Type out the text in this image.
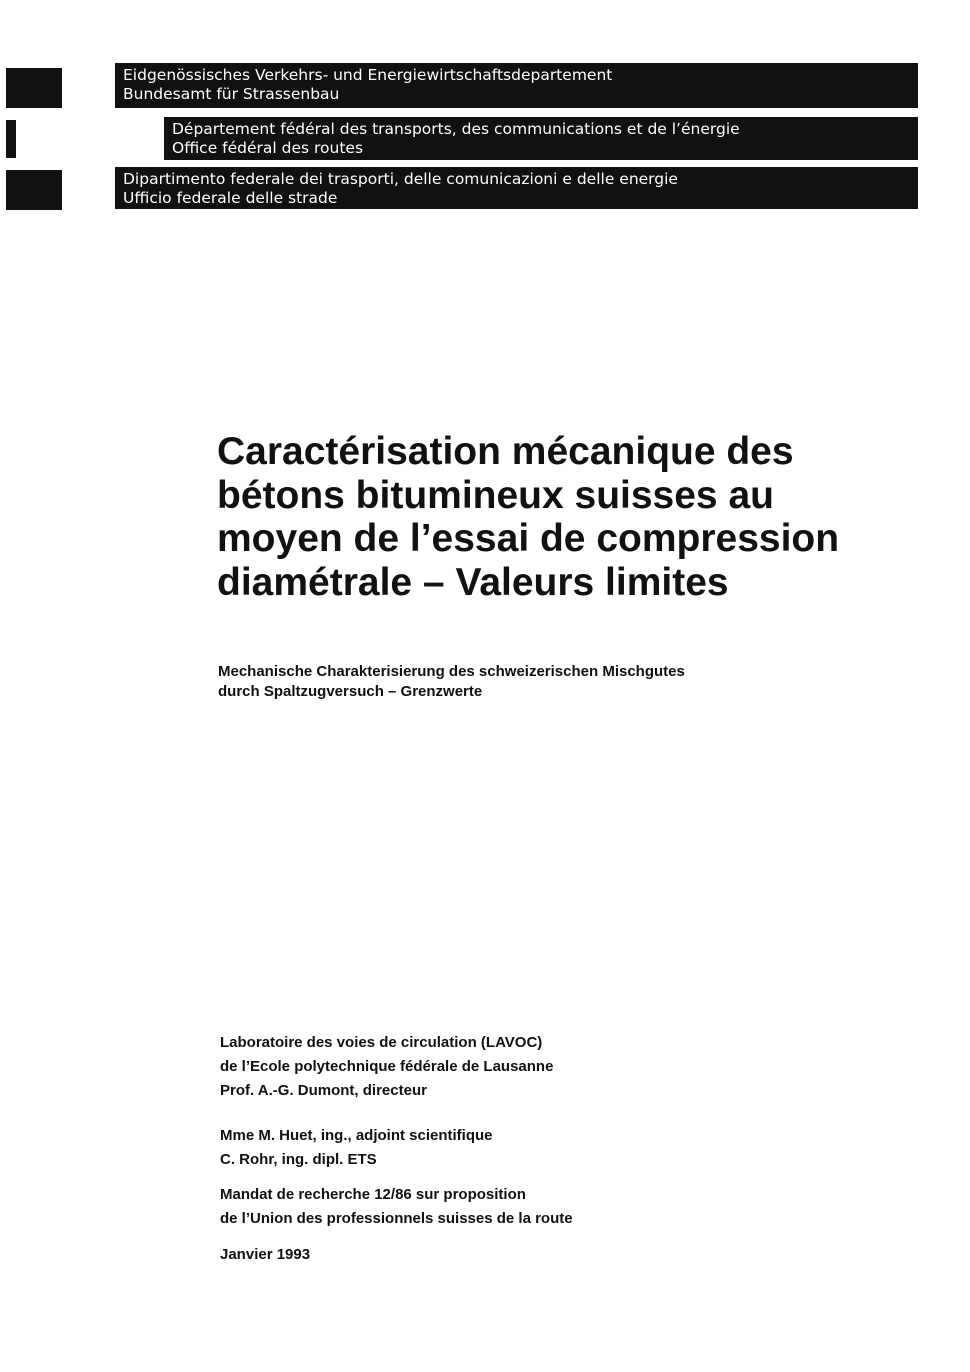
Eidgenössisches Verkehrs- und Energiewirtschaftsdepartement
Bundesamt für Strassenbau
Département fédéral des transports, des communications et de l’énergie
Office fédéral des routes
Dipartimento federale dei trasporti, delle comunicazioni e delle energie
Ufficio federale delle strade
Caractérisation mécanique des
bétons bitumineux suisses au
moyen de l’essai de compression
diamétrale – Valeurs limites
Mechanische Charakterisierung des schweizerischen Mischgutes
durch Spaltzugversuch – Grenzwerte
Laboratoire des voies de circulation (LAVOC)
de l’Ecole polytechnique fédérale de Lausanne
Prof. A.-G. Dumont, directeur
Mme M. Huet, ing., adjoint scientifique
C. Rohr, ing. dipl. ETS
Mandat de recherche 12/86 sur proposition
de l’Union des professionnels suisses de la route
Janvier 1993
